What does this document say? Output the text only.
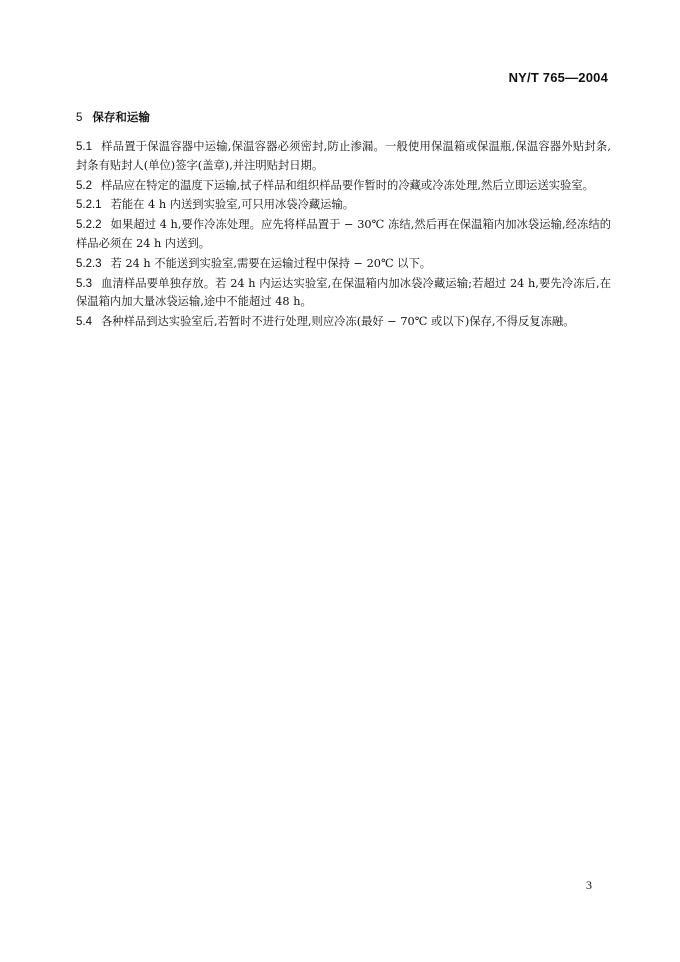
NY/T 765—2004
5 保存和运输

5.1 样品置于保温容器中运输,保温容器必须密封,防止渗漏。一般使用保温箱或保温瓶,保温容器外贴封条,封条有贴封人(单位)签字(盖章),并注明贴封日期。

5.2 样品应在特定的温度下运输,拭子样品和组织样品要作暂时的冷藏或冷冻处理,然后立即运送实验室。

5.2.1 若能在 4 h 内送到实验室,可只用冰袋冷藏运输。

5.2.2 如果超过 4 h,要作冷冻处理。应先将样品置于 − 30℃ 冻结,然后再在保温箱内加冰袋运输,经冻结的样品必须在 24 h 内送到。

5.2.3 若 24 h 不能送到实验室,需要在运输过程中保持 − 20℃ 以下。

5.3 血清样品要单独存放。若 24 h 内运达实验室,在保温箱内加冰袋冷藏运输;若超过 24 h,要先冷冻后,在保温箱内加大量冰袋运输,途中不能超过 48 h。

5.4 各种样品到达实验室后,若暂时不进行处理,则应冷冻(最好 − 70℃ 或以下)保存,不得反复冻融。

3
